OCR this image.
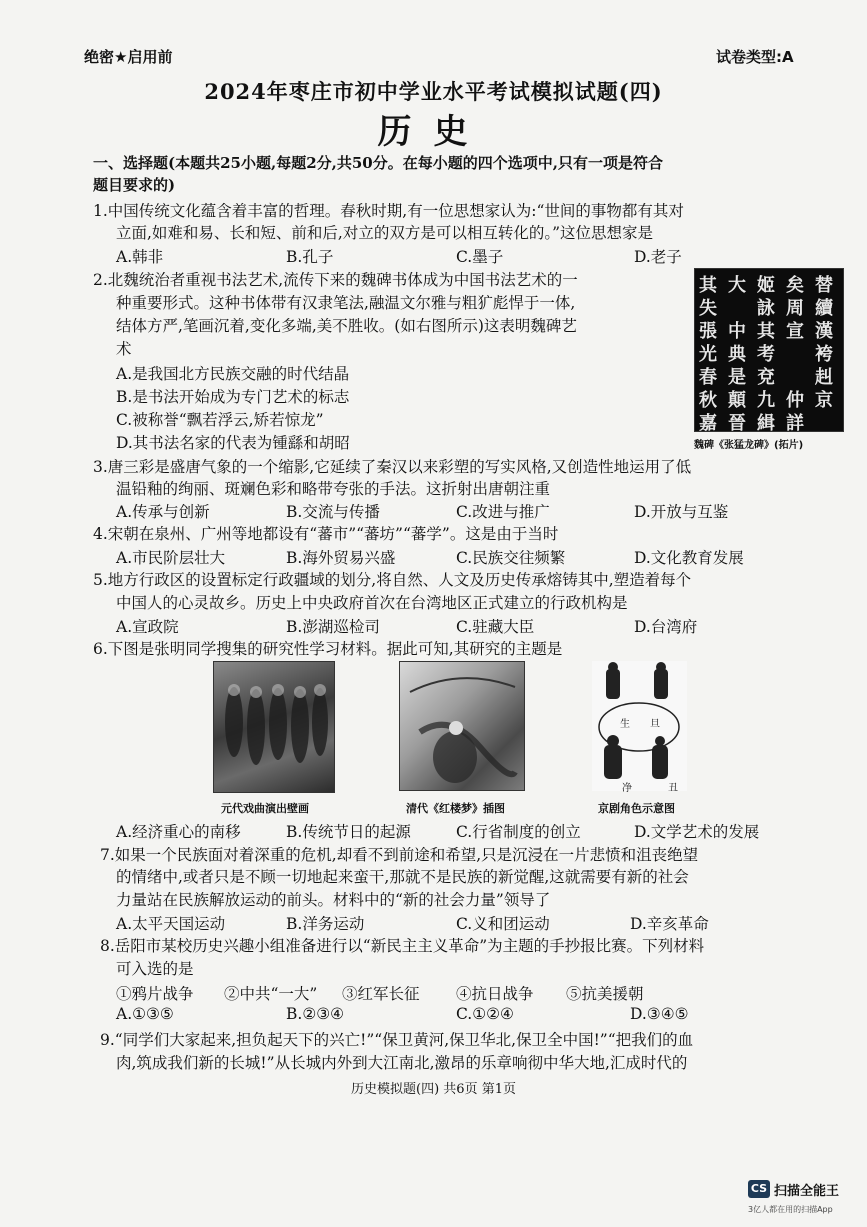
绝密★启用前	试卷类型:A
2024年枣庄市初中学业水平考试模拟试题(四)
历史
一、选择题(本题共25小题,每题2分,共50分。在每小题的四个选项中,只有一项是符合
题目要求的)
1.中国传统文化蕴含着丰富的哲理。春秋时期,有一位思想家认为:“世间的事物都有其对
立面,如难和易、长和短、前和后,对立的双方是可以相互转化的。”这位思想家是
A.韩非	B.孔子	C.墨子	D.老子
2.北魏统治者重视书法艺术,流传下来的魏碑书体成为中国书法艺术的一
种重要形式。这种书体带有汉隶笔法,融温文尔雅与粗犷彪悍于一体,
结体方严,笔画沉着,变化多端,美不胜收。(如右图所示)这表明魏碑艺
术
A.是我国北方民族交融的时代结晶
B.是书法开始成为专门艺术的标志
C.被称誉“飘若浮云,矫若惊龙”
D.其书法名家的代表为锺繇和胡昭
其 大 姬 矣 替
失 詠 周 續
張 中 其 宣 漢
光 典 考 袴
春 是 兗 赳
秋 顛 九 仲 京
嘉 晉 緝 詳
魏碑《张猛龙碑》(拓片)
3.唐三彩是盛唐气象的一个缩影,它延续了秦汉以来彩塑的写实风格,又创造性地运用了低
温铅釉的绚丽、斑斓色彩和略带夸张的手法。这折射出唐朝注重
A.传承与创新	B.交流与传播	C.改进与推广	D.开放与互鉴
4.宋朝在泉州、广州等地都设有“蕃市”“蕃坊”“蕃学”。这是由于当时
A.市民阶层壮大	B.海外贸易兴盛	C.民族交往频繁	D.文化教育发展
5.地方行政区的设置标定行政疆域的划分,将自然、人文及历史传承熔铸其中,塑造着每个
中国人的心灵故乡。历史上中央政府首次在台湾地区正式建立的行政机构是
A.宣政院	B.澎湖巡检司	C.驻藏大臣	D.台湾府
6.下图是张明同学搜集的研究性学习材料。据此可知,其研究的主题是
元代戏曲演出壁画	清代《红楼梦》插图
生 旦
净	丑
京剧角色示意图
A.经济重心的南移	B.传统节日的起源	C.行省制度的创立	D.文学艺术的发展
7.如果一个民族面对着深重的危机,却看不到前途和希望,只是沉浸在一片悲愤和沮丧绝望
的情绪中,或者只是不顾一切地起来蛮干,那就不是民族的新觉醒,这就需要有新的社会
力量站在民族解放运动的前头。材料中的“新的社会力量”领导了
A.太平天国运动	B.洋务运动	C.义和团运动	D.辛亥革命
8.岳阳市某校历史兴趣小组准备进行以“新民主主义革命”为主题的手抄报比赛。下列材料
可入选的是
①鸦片战争 ②中共“一大” ③红军长征 ④抗日战争 ⑤抗美援朝
A.①③⑤	B.②③④	C.①②④	D.③④⑤
9.“同学们大家起来,担负起天下的兴亡!”“保卫黄河,保卫华北,保卫全中国!”“把我们的血
肉,筑成我们新的长城!”从长城内外到大江南北,激昂的乐章响彻中华大地,汇成时代的
历史模拟题(四) 共6页 第1页
CS 扫描全能王
3亿人都在用的扫描App
